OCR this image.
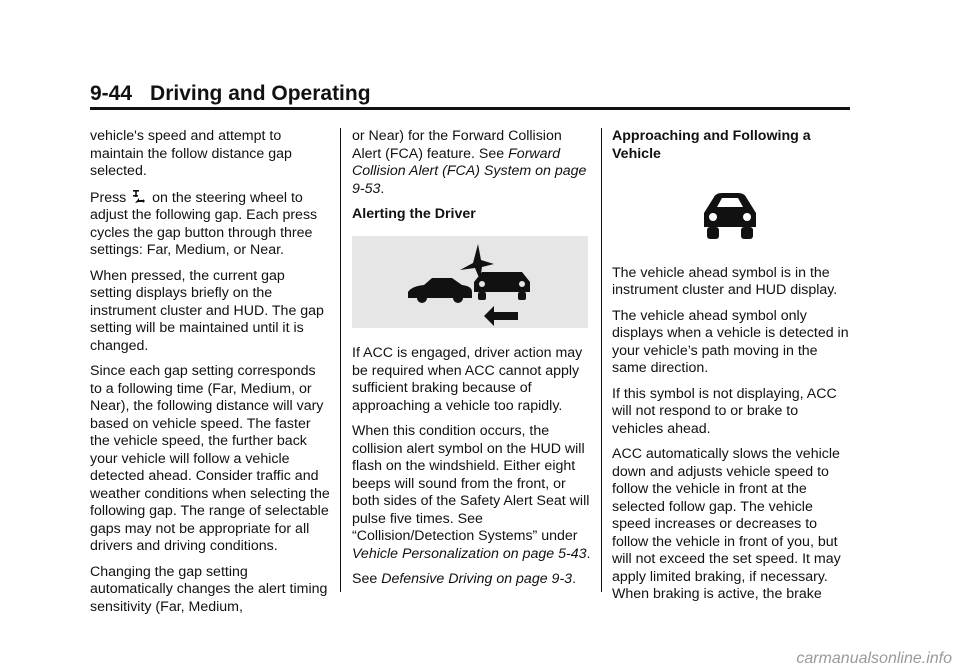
9-44 Driving and Operating

vehicle's speed and attempt to maintain the follow distance gap selected.

Press on the steering wheel to adjust the following gap. Each press cycles the gap button through three settings: Far, Medium, or Near.

When pressed, the current gap setting displays briefly on the instrument cluster and HUD. The gap setting will be maintained until it is changed.

Since each gap setting corresponds to a following time (Far, Medium, or Near), the following distance will vary based on vehicle speed. The faster the vehicle speed, the further back your vehicle will follow a vehicle detected ahead. Consider traffic and weather conditions when selecting the following gap. The range of selectable gaps may not be appropriate for all drivers and driving conditions.

Changing the gap setting automatically changes the alert timing sensitivity (Far, Medium,

or Near) for the Forward Collision Alert (FCA) feature. See Forward Collision Alert (FCA) System on page 9-53.

Alerting the Driver

If ACC is engaged, driver action may be required when ACC cannot apply sufficient braking because of approaching a vehicle too rapidly.

When this condition occurs, the collision alert symbol on the HUD will flash on the windshield. Either eight beeps will sound from the front, or both sides of the Safety Alert Seat will pulse five times. See “Collision/Detection Systems” under Vehicle Personalization on page 5-43.

See Defensive Driving on page 9-3.

Approaching and Following a Vehicle

The vehicle ahead symbol is in the instrument cluster and HUD display.

The vehicle ahead symbol only displays when a vehicle is detected in your vehicle’s path moving in the same direction.

If this symbol is not displaying, ACC will not respond to or brake to vehicles ahead.

ACC automatically slows the vehicle down and adjusts vehicle speed to follow the vehicle in front at the selected follow gap. The vehicle speed increases or decreases to follow the vehicle in front of you, but will not exceed the set speed. It may apply limited braking, if necessary. When braking is active, the brake

carmanualsonline.info
